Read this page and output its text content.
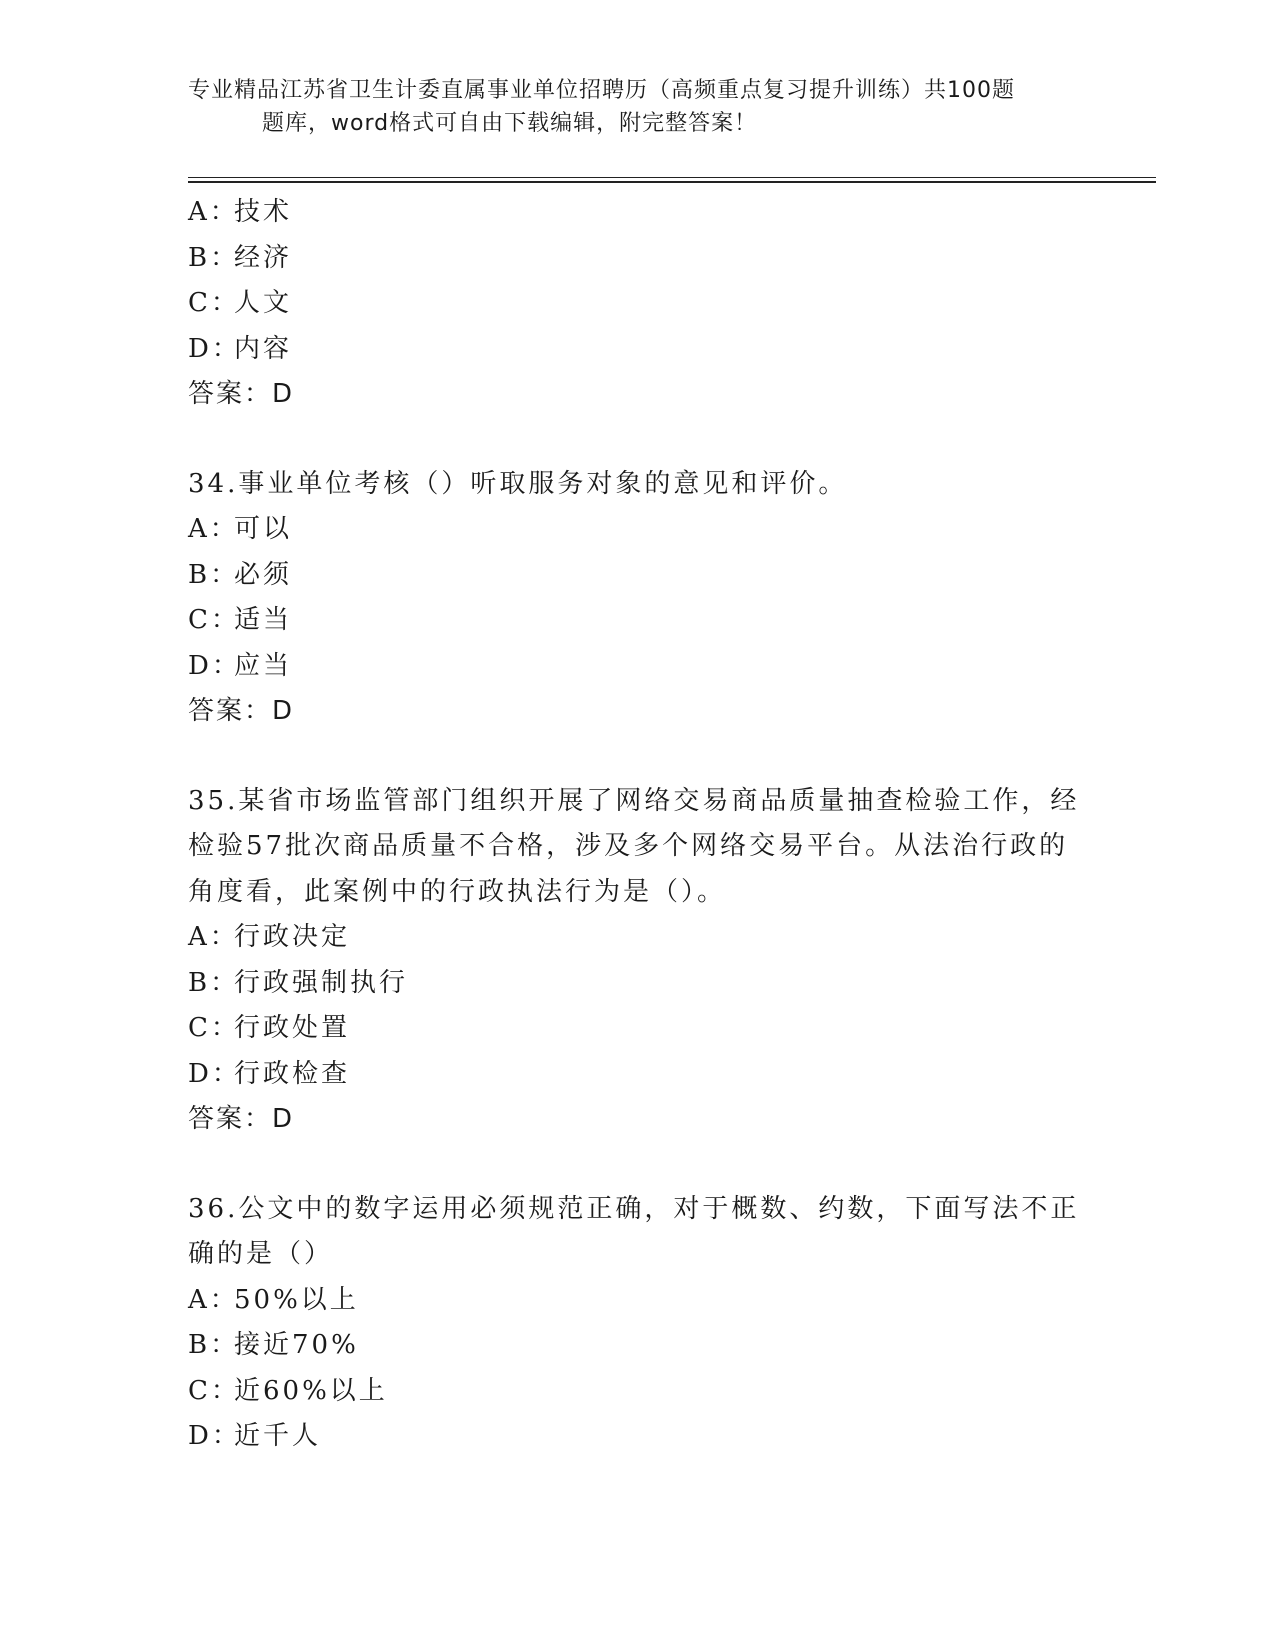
专业精品江苏省卫生计委直属事业单位招聘历（高频重点复习提升训练）共100题
题库，word格式可自由下载编辑，附完整答案！
A：技术
B：经济
C：人文
D：内容
答案：D
34.事业单位考核（）听取服务对象的意见和评价。
A：可以
B：必须
C：适当
D：应当
答案：D
35.某省市场监管部门组织开展了网络交易商品质量抽查检验工作，经
检验57批次商品质量不合格，涉及多个网络交易平台。从法治行政的
角度看，此案例中的行政执法行为是（）。
A：行政决定
B：行政强制执行
C：行政处置
D：行政检查
答案：D
36.公文中的数字运用必须规范正确，对于概数、约数，下面写法不正
确的是（）
A：50%以上
B：接近70%
C：近60%以上
D：近千人
